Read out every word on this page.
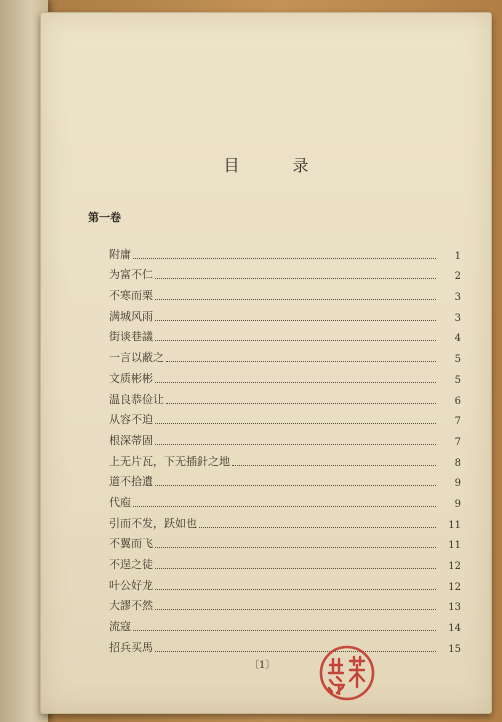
目 录
第一卷
附庸	1
为富不仁	2
不寒而栗	3
满城风雨	3
街谈巷議	4
一言以蔽之	5
文质彬彬	5
温良恭俭让	6
从容不迫	7
根深蒂固	7
上无片瓦，下无插針之地	8
道不拾遺	9
代庖	9
引而不发，跃如也	11
不翼而飞	11
不逞之徒	12
叶公好龙	12
大謬不然	13
流寇	14
招兵买馬	15
〔1〕
